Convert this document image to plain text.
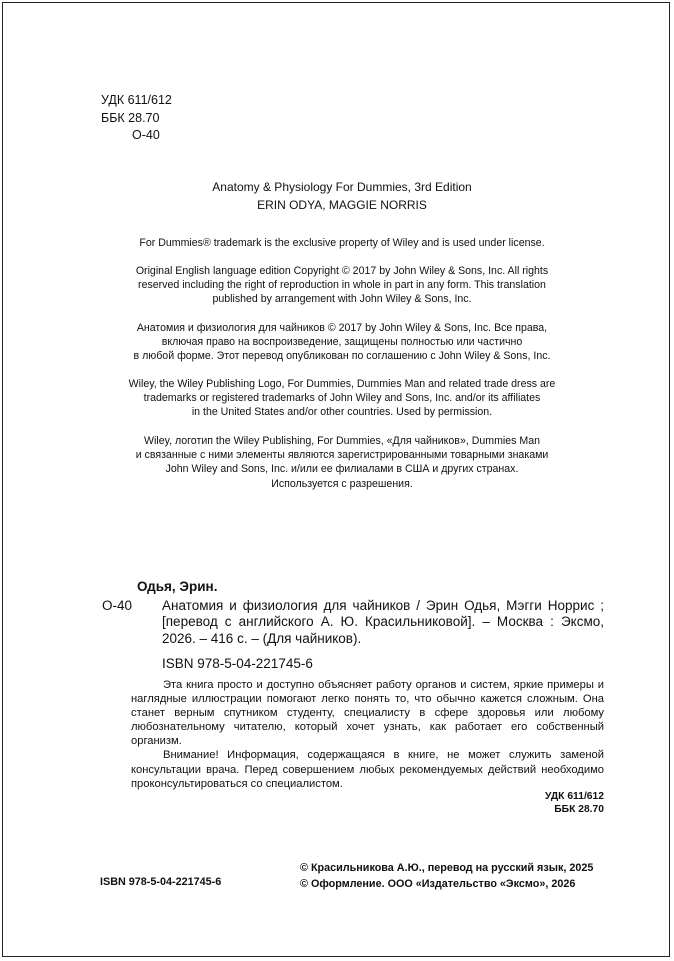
УДК 611/612
ББК 28.70
О-40
Anatomy & Physiology For Dummies, 3rd Edition
ERIN ODYA, MAGGIE NORRIS
For Dummies® trademark is the exclusive property of Wiley and is used under license.
Original English language edition Copyright © 2017 by John Wiley & Sons, Inc. All rights
reserved including the right of reproduction in whole in part in any form. This translation
published by arrangement with John Wiley & Sons, Inc.
Анатомия и физиология для чайников © 2017 by John Wiley & Sons, Inc. Все права,
включая право на воспроизведение, защищены полностью или частично
в любой форме. Этот перевод опубликован по соглашению с John Wiley & Sons, Inc.
Wiley, the Wiley Publishing Logo, For Dummies, Dummies Man and related trade dress are
trademarks or registered trademarks of John Wiley and Sons, Inc. and/or its affiliates
in the United States and/or other countries. Used by permission.
Wiley, логотип the Wiley Publishing, For Dummies, «Для чайников», Dummies Man
и связанные с ними элементы являются зарегистрированными товарными знаками
John Wiley and Sons, Inc. и/или ее филиалами в США и других странах.
Используется с разрешения.
Одья, Эрин.
О-40 Анатомия и физиология для чайников / Эрин Одья, Мэгги Норрис ; [перевод с английского А. Ю. Красильниковой]. – Москва : Эксмо, 2026. – 416 с. – (Для чайников).
ISBN 978-5-04-221745-6

Эта книга просто и доступно объясняет работу органов и систем, яркие примеры и наглядные иллюстрации помогают легко понять то, что обычно кажется сложным. Она станет верным спутником студенту, специалисту в сфере здоровья или любому любознательному читателю, который хочет узнать, как работает его собственный организм.

Внимание! Информация, содержащаяся в книге, не может служить заменой консультации врача. Перед совершением любых рекомендуемых действий необходимо проконсультироваться со специалистом.

УДК 611/612
ББК 28.70
ISBN 978-5-04-221745-6
© Красильникова А.Ю., перевод на русский язык, 2025
© Оформление. ООО «Издательство «Эксмо», 2026
